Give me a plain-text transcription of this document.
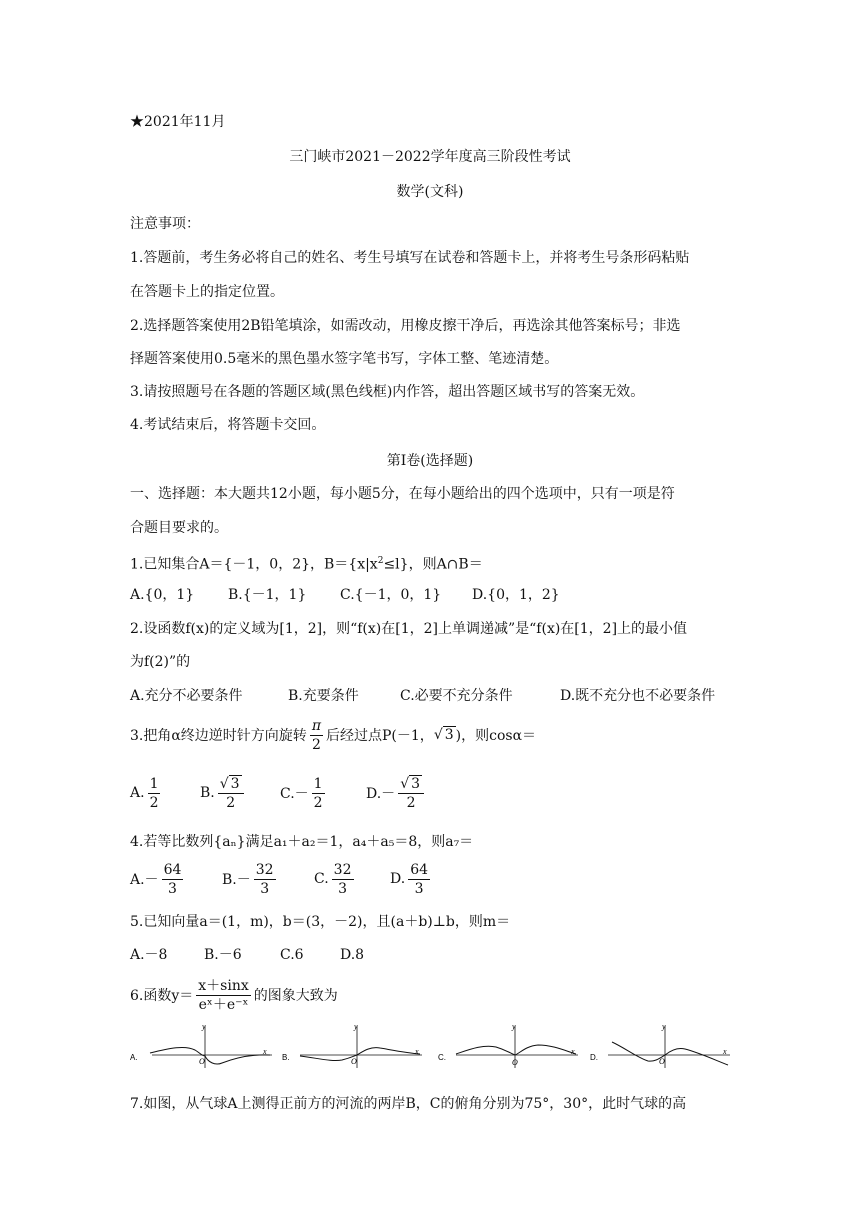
★2021年11月
三门峡市2021－2022学年度高三阶段性考试
数学(文科)
注意事项：
1.答题前，考生务必将自己的姓名、考生号填写在试卷和答题卡上，并将考生号条形码粘贴
在答题卡上的指定位置。
2.选择题答案使用2B铅笔填涂，如需改动，用橡皮擦干净后，再选涂其他答案标号；非选
择题答案使用0.5毫米的黑色墨水签字笔书写，字体工整、笔迹清楚。
3.请按照题号在各题的答题区域(黑色线框)内作答，超出答题区域书写的答案无效。
4.考试结束后，将答题卡交回。
第I卷(选择题)
一、选择题：本大题共12小题，每小题5分，在每小题给出的四个选项中，只有一项是符
合题目要求的。
1.已知集合A＝{－1，0，2}，$B=\{x|x^2\le l\}$，则A∩B＝
A.{0，1} B.{－1，1} C.{－1，0，1} D.{0，1，2}
2.设函数f(x)的定义域为[1，2]，则“f(x)在[1，2]上单调递减”是“f(x)在[1，2]上的最小值
为f(2)”的
A.充分不必要条件	B.充要条件	C.必要不充分条件	D.既不充分也不必要条件
3.把角α终边逆时针方向旋转 $\frac{\pi}{2}$ 后经过点P(－1， √ 3 )，则cosα＝
A. $\frac{1}{2}$	B. $\frac{√ 3}{2}$	$C.- \frac{1}{2}$	$D.- \frac{√ 3}{2}$
4.若等比数列{aₙ}满足a₁＋a₂＝1，a₄＋a₅＝8，则a₇＝
$A.- \frac{64}{3}$	$B.- \frac{32}{3}$	C. $\frac{32}{3}$	D. $\frac{64}{3}$
5.已知向量a＝(1，m)，b＝(3，－2)，且(a＋b)⊥b，则m＝
A.－8	B.－6	C.6	D.8
6.函数$y= \frac{x+\sin x}{\text{eˣ＋e⁻ˣ}}$ 的图象大致为
A.
y
x
O	B.
y
x
O	C.
y
x
O
D.
y
x
O
7.如图，从气球A上测得正前方的河流的两岸B，C的俯角分别为75°，30°，此时气球的高
